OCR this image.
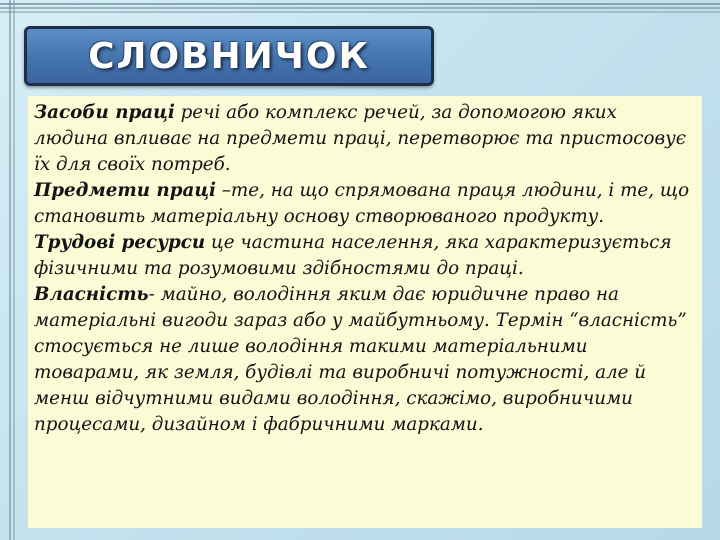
СЛОВНИЧОК

Засоби праці речі або комплекс речей, за допомогою яких людина впливає на предмети праці, перетворює та пристосовує їх для своїх потреб.

Предмети праці –те, на що спрямована праця людини, і те, що становить матеріальну основу створюваного продукту.

Трудові ресурси це частина населення, яка характеризується фізичними та розумовими здібностями до праці.

Власність- майно, володіння яким дає юридичне право на матеріальні вигоди зараз або у майбутньому. Термін “власність” стосується не лише володіння такими матеріальними товарами, як земля, будівлі та виробничі потужності, але й менш відчутними видами володіння, скажімо, виробничими процесами, дизайном і фабричними марками.
